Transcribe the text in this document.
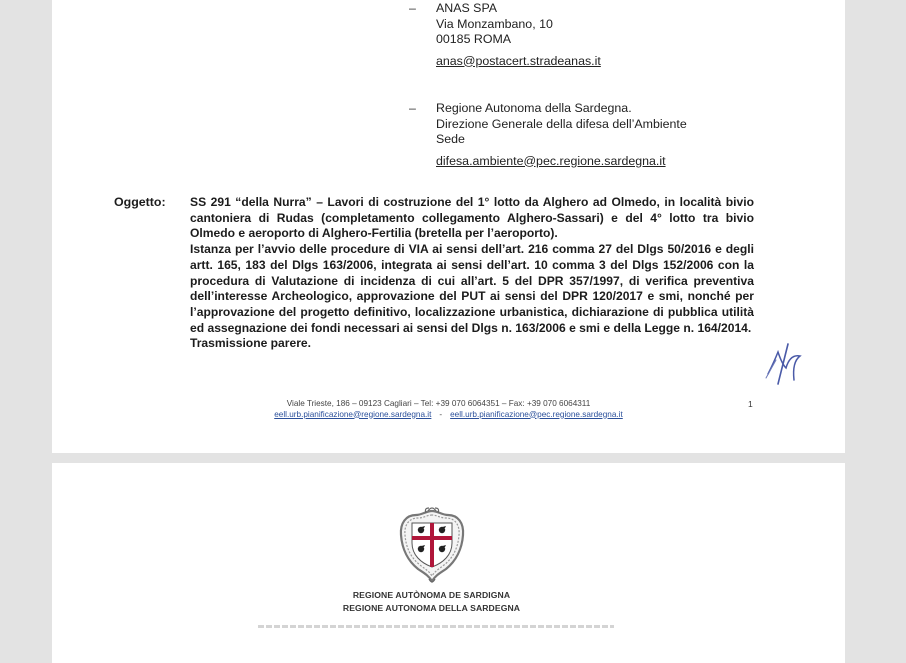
– ANAS SPA
Via Monzambano, 10
00185 ROMA
anas@postacert.stradeanas.it
– Regione Autonoma della Sardegna.
Direzione Generale della difesa dell’Ambiente
Sede
difesa.ambiente@pec.regione.sardegna.it
Oggetto: SS 291 “della Nurra” – Lavori di costruzione del 1° lotto da Alghero ad Olmedo, in località bivio cantoniera di Rudas (completamento collegamento Alghero-Sassari) e del 4° lotto tra bivio Olmedo e aeroporto di Alghero-Fertilia (bretella per l’aeroporto).

Istanza per l’avvio delle procedure di VIA ai sensi dell’art. 216 comma 27 del Dlgs 50/2016 e degli artt. 165, 183 del Dlgs 163/2006, integrata ai sensi dell’art. 10 comma 3 del Dlgs 152/2006 con la procedura di Valutazione di incidenza di cui all’art. 5 del DPR 357/1997, di verifica preventiva dell’interesse Archeologico, approvazione del PUT ai sensi del DPR 120/2017 e smi, nonché per l’approvazione del progetto definitivo, localizzazione urbanistica, dichiarazione di pubblica utilità ed assegnazione dei fondi necessari ai sensi del Dlgs n. 163/2006 e smi e della Legge n. 164/2014.

Trasmissione parere.

Viale Trieste, 186 – 09123 Cagliari – Tel: +39 070 6064351 – Fax: +39 070 6064311
eell.urb.pianificazione@regione.sardegna.it - eell.urb.pianificazione@pec.regione.sardegna.it
1
REGIONE AUTÒNOMA DE SARDIGNA
REGIONE AUTONOMA DELLA SARDEGNA
